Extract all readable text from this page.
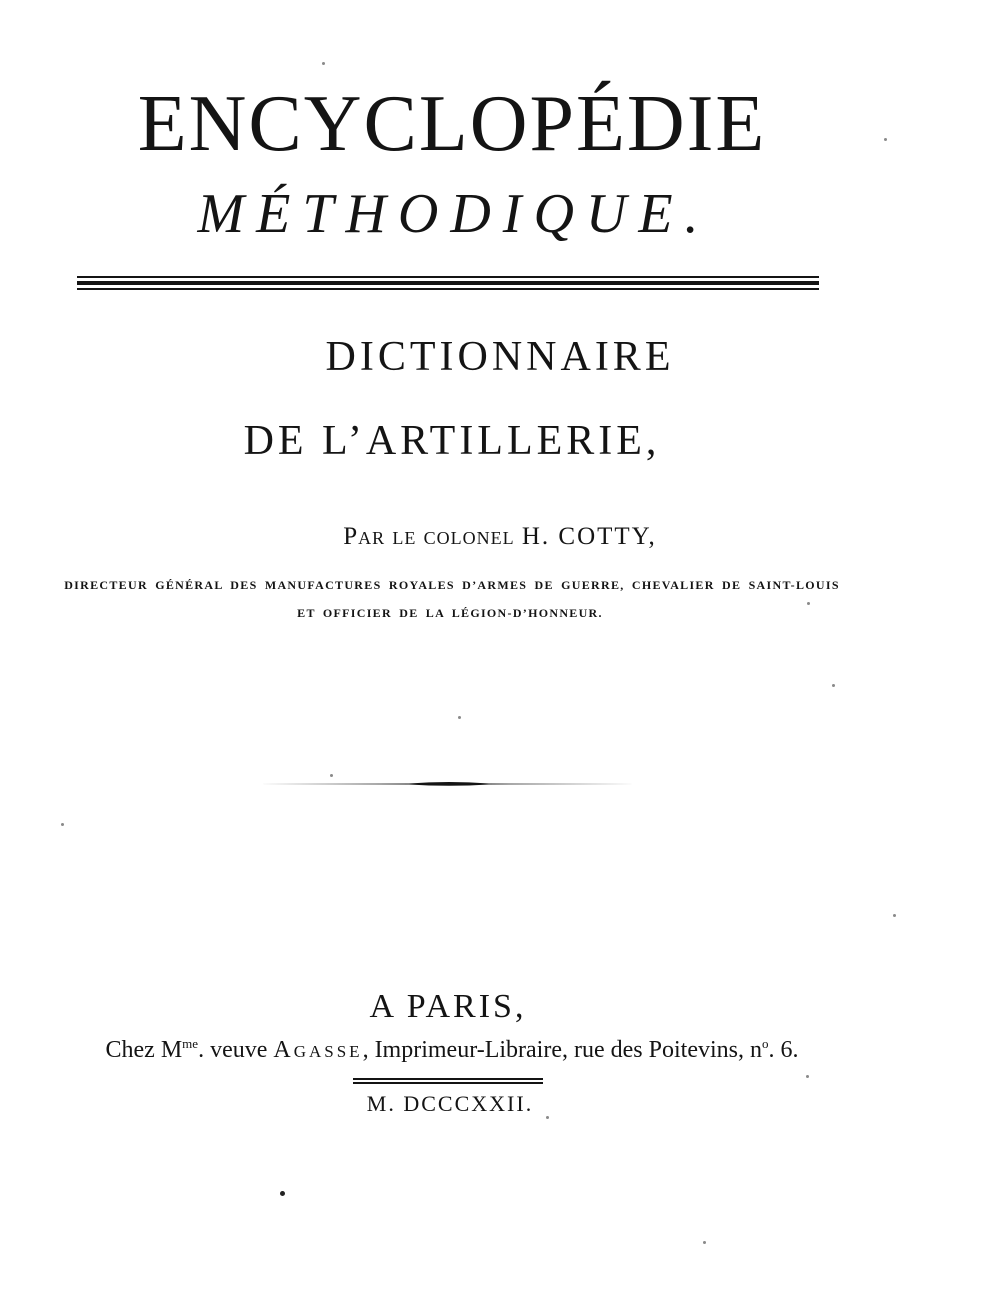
ENCYCLOPÉDIE
MÉTHODIQUE.
DICTIONNAIRE
DE L’ARTILLERIE,
Par le colonel H. COTTY,
DIRECTEUR GÉNÉRAL DES MANUFACTURES ROYALES D’ARMES DE GUERRE, CHEVALIER DE SAINT-LOUIS
ET OFFICIER DE LA LÉGION-D’HONNEUR.
A PARIS,
Chez $M^{me}$. veuve Agasse, Imprimeur-Libraire, rue des Poitevins, $n^o$. 6.
M. DCCCXXII.
